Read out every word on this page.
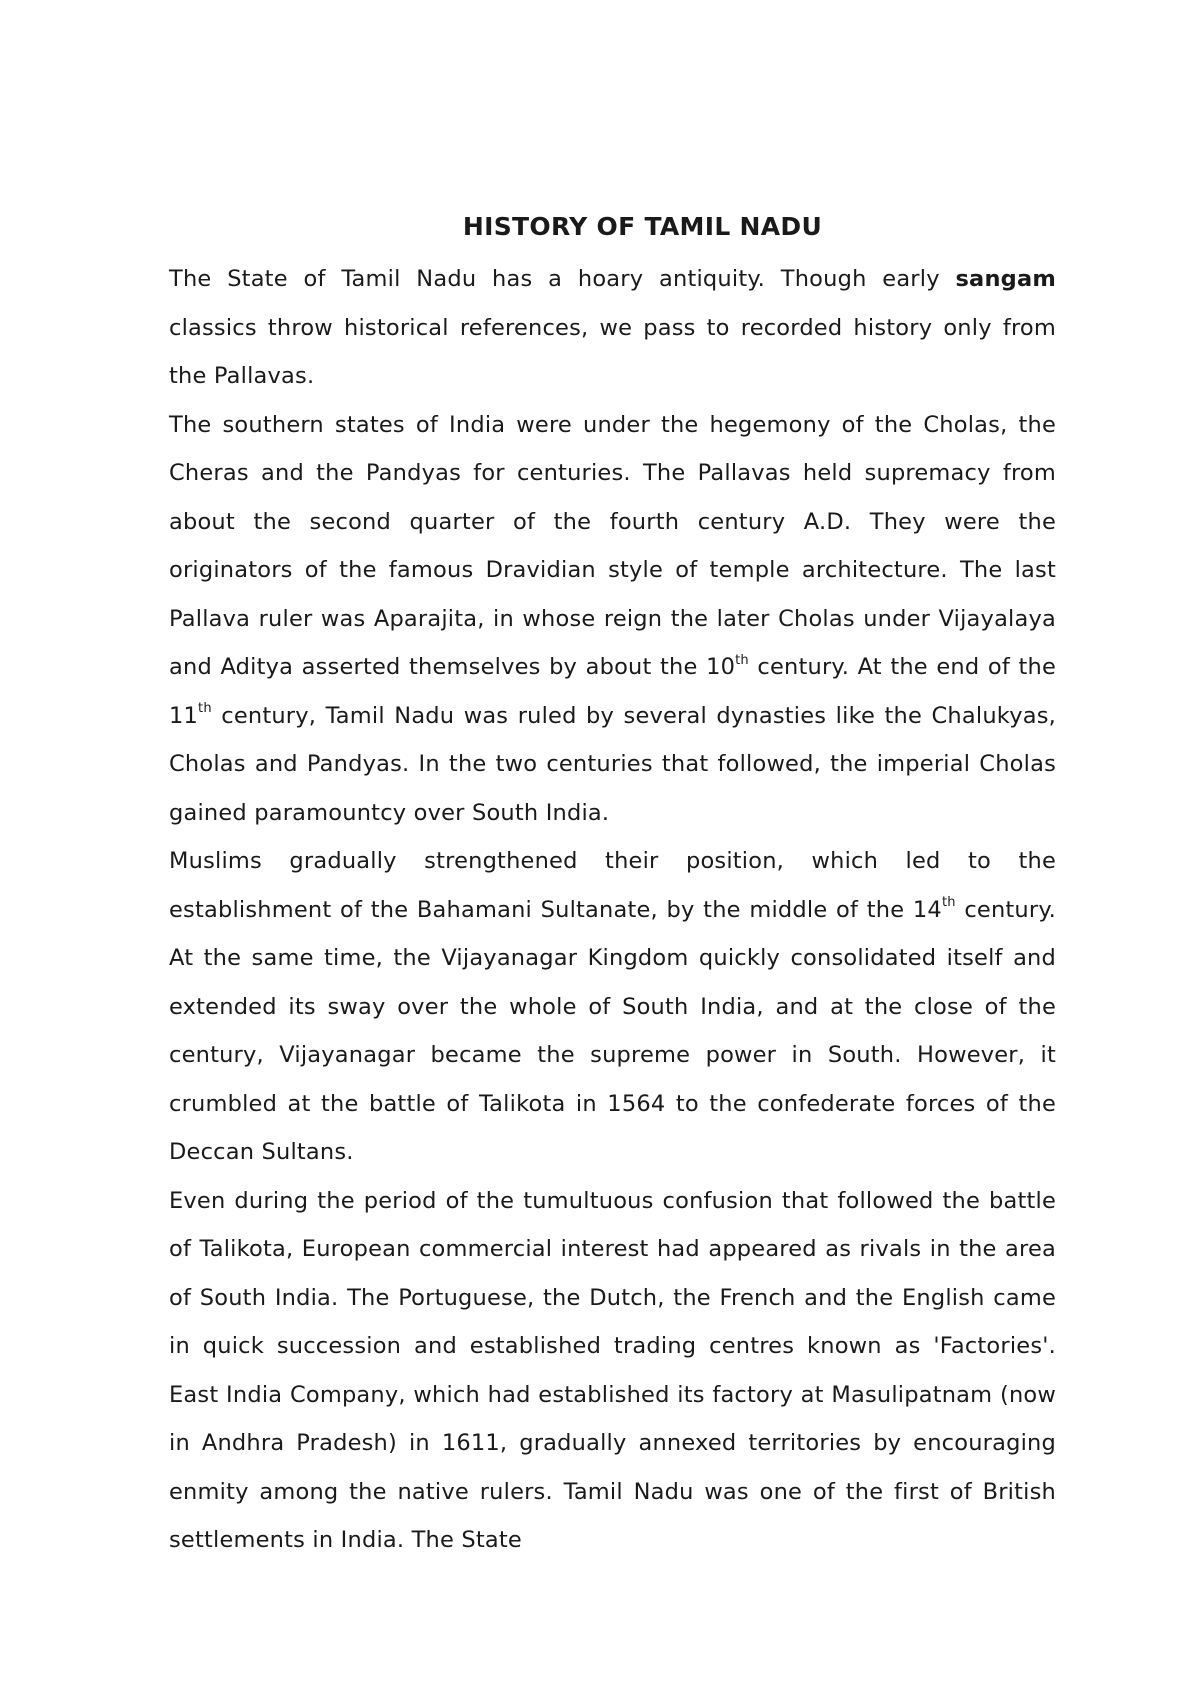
HISTORY OF TAMIL NADU

The State of Tamil Nadu has a hoary antiquity. Though early sangam classics throw historical references, we pass to recorded history only from the Pallavas.

The southern states of India were under the hegemony of the Cholas, the Cheras and the Pandyas for centuries. The Pallavas held supremacy from about the second quarter of the fourth century A.D. They were the originators of the famous Dravidian style of temple architecture. The last Pallava ruler was Aparajita, in whose reign the later Cholas under Vijayalaya and Aditya asserted themselves by about the 10th century. At the end of the 11th century, Tamil Nadu was ruled by several dynasties like the Chalukyas, Cholas and Pandyas. In the two centuries that followed, the imperial Cholas gained paramountcy over South India.

Muslims gradually strengthened their position, which led to the establishment of the Bahamani Sultanate, by the middle of the 14th century. At the same time, the Vijayanagar Kingdom quickly consolidated itself and extended its sway over the whole of South India, and at the close of the century, Vijayanagar became the supreme power in South. However, it crumbled at the battle of Talikota in 1564 to the confederate forces of the Deccan Sultans.

Even during the period of the tumultuous confusion that followed the battle of Talikota, European commercial interest had appeared as rivals in the area of South India. The Portuguese, the Dutch, the French and the English came in quick succession and established trading centres known as 'Factories'. East India Company, which had established its factory at Masulipatnam (now in Andhra Pradesh) in 1611, gradually annexed territories by encouraging enmity among the native rulers. Tamil Nadu was one of the first of British settlements in India. The State
